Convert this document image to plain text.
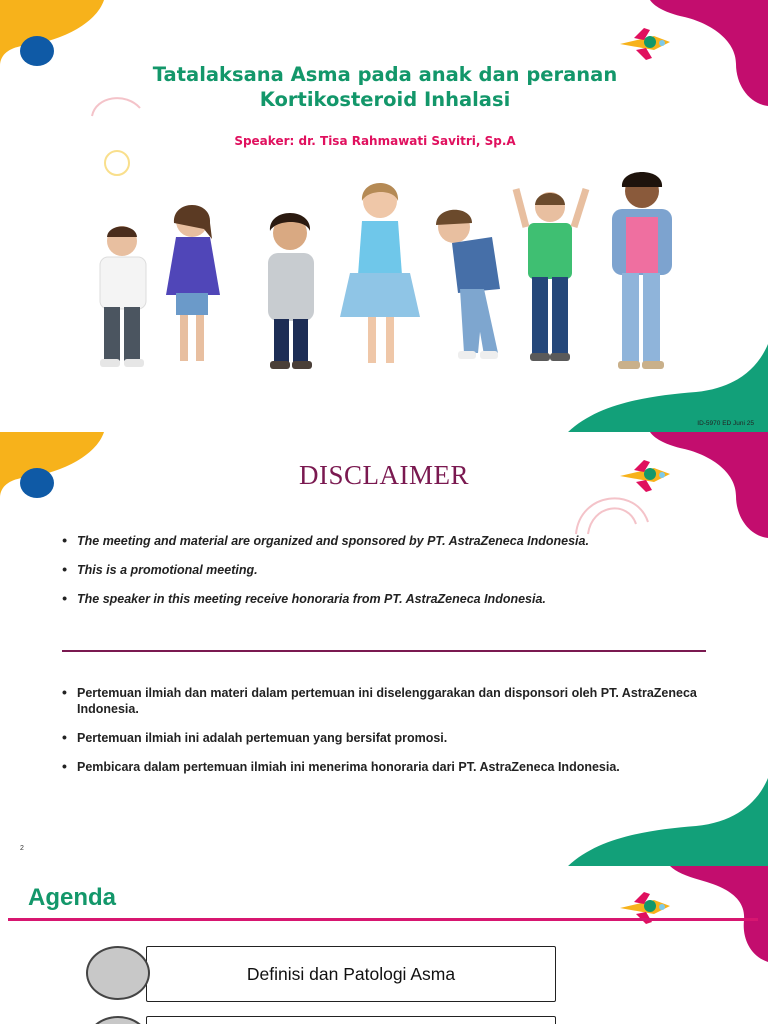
Tatalaksana Asma pada anak dan peranan
Kortikosteroid Inhalasi
Speaker: dr. Tisa Rahmawati Savitri, Sp.A
ID-5970 ED Juni 25
DISCLAIMER
• The meeting and material are organized and sponsored by PT. AstraZeneca Indonesia.
• This is a promotional meeting.
• The speaker in this meeting receive honoraria from PT. AstraZeneca Indonesia.
• Pertemuan ilmiah dan materi dalam pertemuan ini diselenggarakan dan disponsori oleh PT. AstraZeneca Indonesia.
• Pertemuan ilmiah ini adalah pertemuan yang bersifat promosi.
• Pembicara dalam pertemuan ilmiah ini menerima honoraria dari PT. AstraZeneca Indonesia.
2
Agenda
Definisi dan Patologi Asma
